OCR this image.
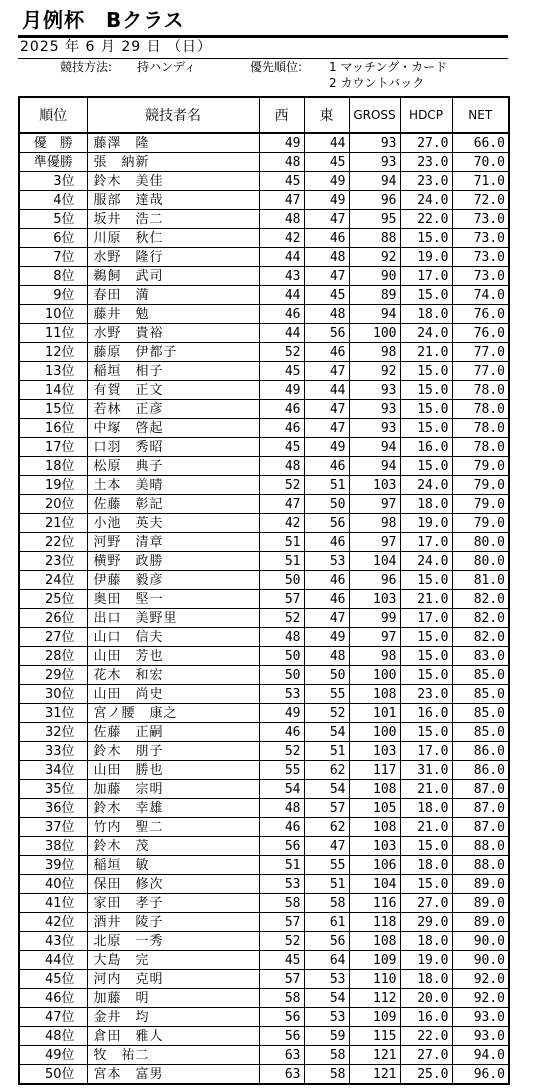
月例杯　Bクラス
2025 年 6 月 29 日 （日）
競技方法: 持ハンディ	優先順位: 1 マッチング・カード
2 カウントバック
順位	競技者名	西	東	GROSS	HDCP	NET
優　勝	藤澤　隆	49	44	93	27.0	66.0
準優勝	張　納新	48	45	93	23.0	70.0
3位	鈴木　美佳	45	49	94	23.0	71.0
4位	服部　達哉	47	49	96	24.0	72.0
5位	坂井　浩二	48	47	95	22.0	73.0
6位	川原　秋仁	42	46	88	15.0	73.0
7位	水野　隆行	44	48	92	19.0	73.0
8位	鵜飼　武司	43	47	90	17.0	73.0
9位	春田　満	44	45	89	15.0	74.0
10位	藤井　勉	46	48	94	18.0	76.0
11位	水野　貴裕	44	56	100	24.0	76.0
12位	藤原　伊都子	52	46	98	21.0	77.0
13位	稲垣　相子	45	47	92	15.0	77.0
14位	有賀　正文	49	44	93	15.0	78.0
15位	若林　正彦	46	47	93	15.0	78.0
16位	中塚　啓起	46	47	93	15.0	78.0
17位	口羽　秀昭	45	49	94	16.0	78.0
18位	松原　典子	48	46	94	15.0	79.0
19位	土本　美晴	52	51	103	24.0	79.0
20位	佐藤　彰記	47	50	97	18.0	79.0
21位	小池　英夫	42	56	98	19.0	79.0
22位	河野　清章	51	46	97	17.0	80.0
23位	横野　政勝	51	53	104	24.0	80.0
24位	伊藤　毅彦	50	46	96	15.0	81.0
25位	奥田　堅一	57	46	103	21.0	82.0
26位	出口　美野里	52	47	99	17.0	82.0
27位	山口　信夫	48	49	97	15.0	82.0
28位	山田　芳也	50	48	98	15.0	83.0
29位	花木　和宏	50	50	100	15.0	85.0
30位	山田　尚史	53	55	108	23.0	85.0
31位	宮ノ腰　康之	49	52	101	16.0	85.0
32位	佐藤　正嗣	46	54	100	15.0	85.0
33位	鈴木　朋子	52	51	103	17.0	86.0
34位	山田　勝也	55	62	117	31.0	86.0
35位	加藤　宗明	54	54	108	21.0	87.0
36位	鈴木　幸雄	48	57	105	18.0	87.0
37位	竹内　聖二	46	62	108	21.0	87.0
38位	鈴木　茂	56	47	103	15.0	88.0
39位	稲垣　敏	51	55	106	18.0	88.0
40位	保田　修次	53	51	104	15.0	89.0
41位	家田　孝子	58	58	116	27.0	89.0
42位	酒井　陵子	57	61	118	29.0	89.0
43位	北原　一秀	52	56	108	18.0	90.0
44位	大島　完	45	64	109	19.0	90.0
45位	河内　克明	57	53	110	18.0	92.0
46位	加藤　明	58	54	112	20.0	92.0
47位	金井　均	56	53	109	16.0	93.0
48位	倉田　雅人	56	59	115	22.0	93.0
49位	牧　祐二	63	58	121	27.0	94.0
50位	宮本　富男	63	58	121	25.0	96.0
